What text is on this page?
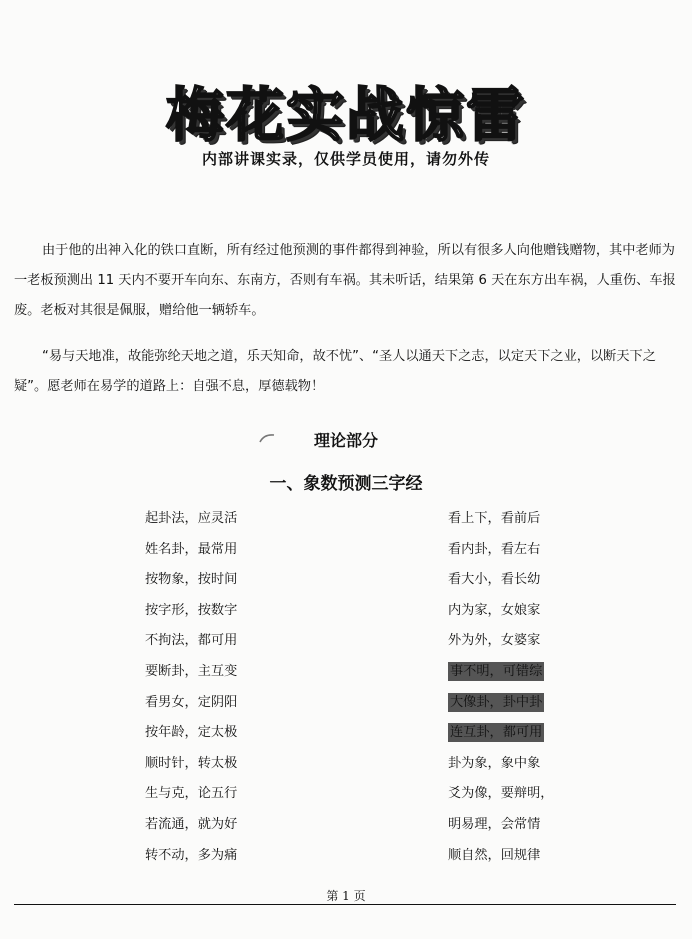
梅花实战惊雷
内部讲课实录，仅供学员使用，请勿外传

由于他的出神入化的铁口直断，所有经过他预测的事件都得到神验，所以有很多人向他赠钱赠物，其中老师为一老板预测出 11 天内不要开车向东、东南方，否则有车祸。其未听话，结果第 6 天在东方出车祸，人重伤、车报废。老板对其很是佩服，赠给他一辆轿车。

“易与天地准，故能弥纶天地之道，乐天知命，故不忧”、“圣人以通天下之志，以定天下之业，以断天下之疑”。愿老师在易学的道路上：自强不息，厚德载物！

理论部分
一、象数预测三字经
起卦法，应灵活
姓名卦，最常用
按物象，按时间
按字形，按数字
不拘法，都可用
要断卦，主互变
看男女，定阴阳
按年龄，定太极
顺时针，转太极
生与克，论五行
若流通，就为好
转不动，多为痛
看上下，看前后
看内卦，看左右
看大小，看长幼
内为家，女娘家
外为外，女婆家
事不明，可错综
大像卦，卦中卦
连互卦，都可用
卦为象，象中象
爻为像，要辩明，
明易理，会常情
顺自然，回规律
第 1 页
